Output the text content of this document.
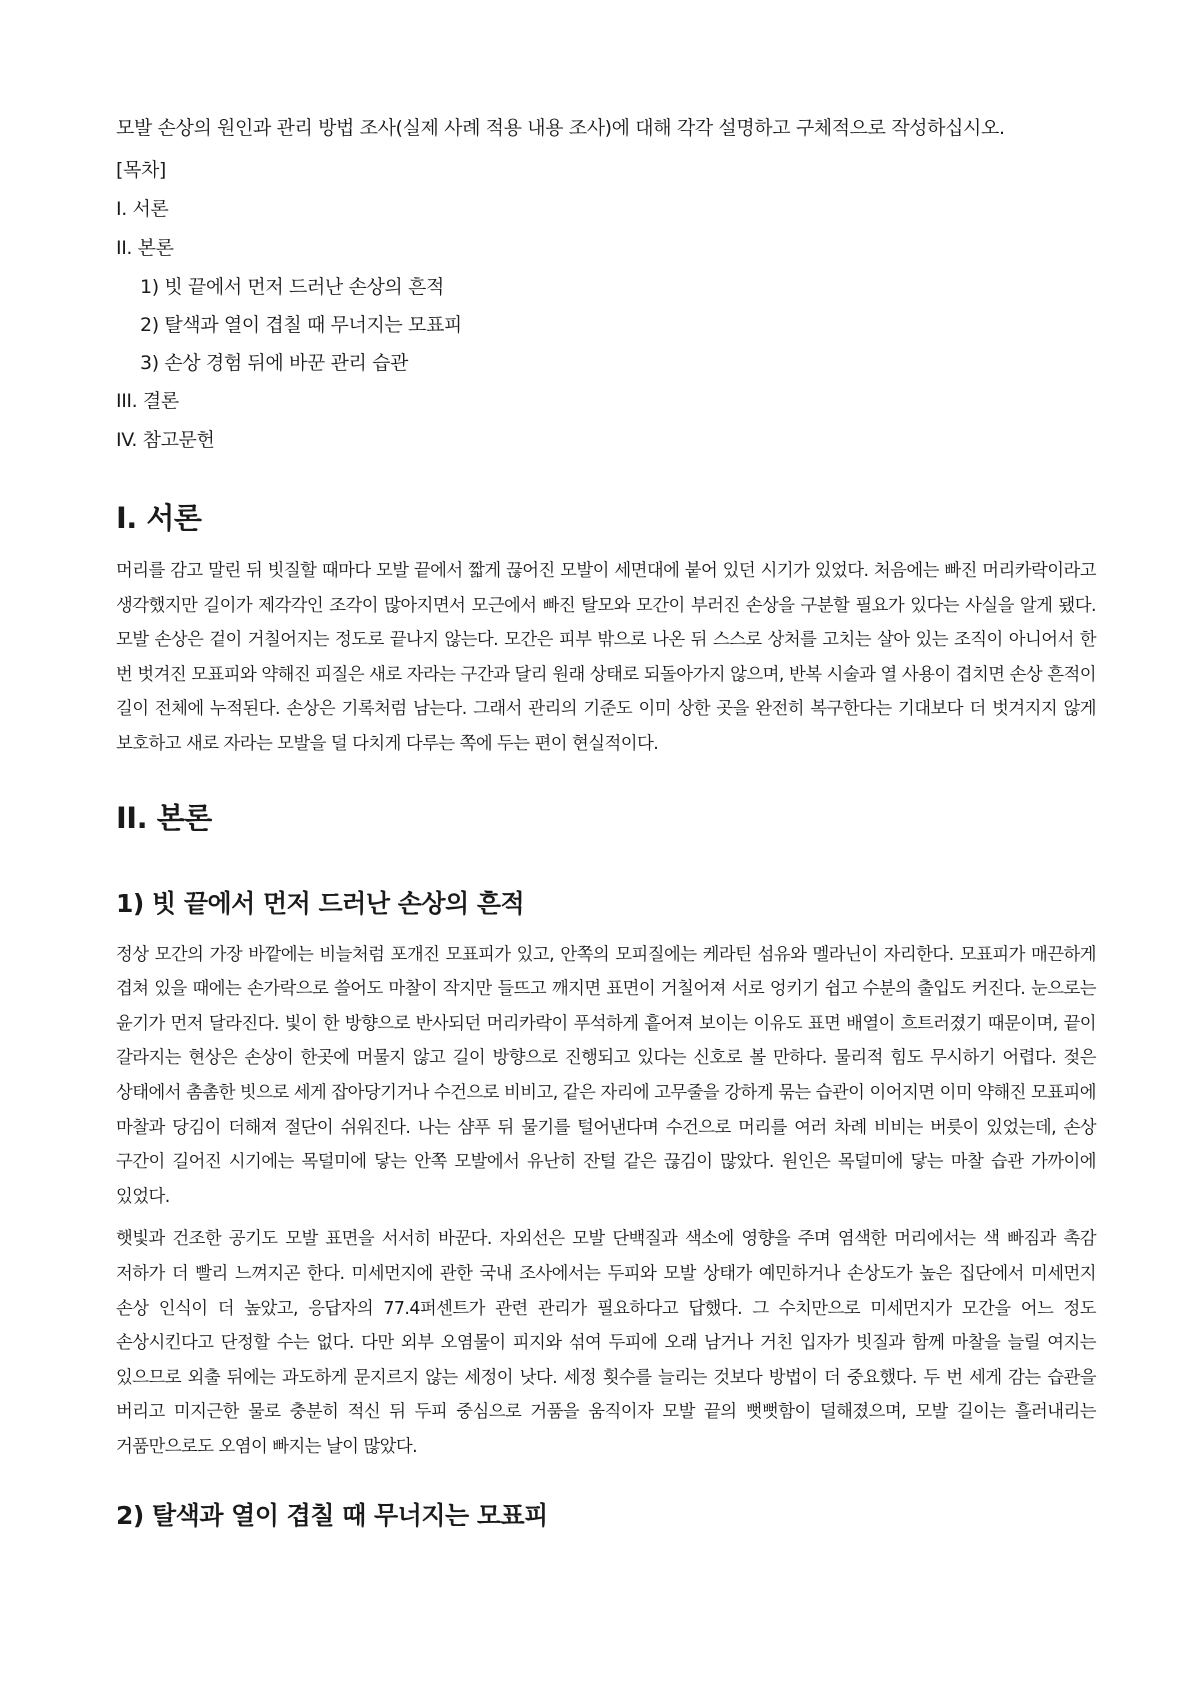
모발 손상의 원인과 관리 방법 조사(실제 사례 적용 내용 조사)에 대해 각각 설명하고 구체적으로 작성하십시오.

[목차]
I. 서론
II. 본론
1) 빗 끝에서 먼저 드러난 손상의 흔적
2) 탈색과 열이 겹칠 때 무너지는 모표피
3) 손상 경험 뒤에 바꾼 관리 습관
III. 결론
IV. 참고문헌
I. 서론

머리를 감고 말린 뒤 빗질할 때마다 모발 끝에서 짧게 끊어진 모발이 세면대에 붙어 있던 시기가 있었다. 처음에는 빠진 머리카락이라고 생각했지만 길이가 제각각인 조각이 많아지면서 모근에서 빠진 탈모와 모간이 부러진 손상을 구분할 필요가 있다는 사실을 알게 됐다. 모발 손상은 겉이 거칠어지는 정도로 끝나지 않는다. 모간은 피부 밖으로 나온 뒤 스스로 상처를 고치는 살아 있는 조직이 아니어서 한 번 벗겨진 모표피와 약해진 피질은 새로 자라는 구간과 달리 원래 상태로 되돌아가지 않으며, 반복 시술과 열 사용이 겹치면 손상 흔적이 길이 전체에 누적된다. 손상은 기록처럼 남는다. 그래서 관리의 기준도 이미 상한 곳을 완전히 복구한다는 기대보다 더 벗겨지지 않게 보호하고 새로 자라는 모발을 덜 다치게 다루는 쪽에 두는 편이 현실적이다.

II. 본론
1) 빗 끝에서 먼저 드러난 손상의 흔적

정상 모간의 가장 바깥에는 비늘처럼 포개진 모표피가 있고, 안쪽의 모피질에는 케라틴 섬유와 멜라닌이 자리한다. 모표피가 매끈하게 겹쳐 있을 때에는 손가락으로 쓸어도 마찰이 작지만 들뜨고 깨지면 표면이 거칠어져 서로 엉키기 쉽고 수분의 출입도 커진다. 눈으로는 윤기가 먼저 달라진다. 빛이 한 방향으로 반사되던 머리카락이 푸석하게 흩어져 보이는 이유도 표면 배열이 흐트러졌기 때문이며, 끝이 갈라지는 현상은 손상이 한곳에 머물지 않고 길이 방향으로 진행되고 있다는 신호로 볼 만하다. 물리적 힘도 무시하기 어렵다. 젖은 상태에서 촘촘한 빗으로 세게 잡아당기거나 수건으로 비비고, 같은 자리에 고무줄을 강하게 묶는 습관이 이어지면 이미 약해진 모표피에 마찰과 당김이 더해져 절단이 쉬워진다. 나는 샴푸 뒤 물기를 털어낸다며 수건으로 머리를 여러 차례 비비는 버릇이 있었는데, 손상 구간이 길어진 시기에는 목덜미에 닿는 안쪽 모발에서 유난히 잔털 같은 끊김이 많았다. 원인은 목덜미에 닿는 마찰 습관 가까이에 있었다.

햇빛과 건조한 공기도 모발 표면을 서서히 바꾼다. 자외선은 모발 단백질과 색소에 영향을 주며 염색한 머리에서는 색 빠짐과 촉감 저하가 더 빨리 느껴지곤 한다. 미세먼지에 관한 국내 조사에서는 두피와 모발 상태가 예민하거나 손상도가 높은 집단에서 미세먼지 손상 인식이 더 높았고, 응답자의 77.4퍼센트가 관련 관리가 필요하다고 답했다. 그 수치만으로 미세먼지가 모간을 어느 정도 손상시킨다고 단정할 수는 없다. 다만 외부 오염물이 피지와 섞여 두피에 오래 남거나 거친 입자가 빗질과 함께 마찰을 늘릴 여지는 있으므로 외출 뒤에는 과도하게 문지르지 않는 세정이 낫다. 세정 횟수를 늘리는 것보다 방법이 더 중요했다. 두 번 세게 감는 습관을 버리고 미지근한 물로 충분히 적신 뒤 두피 중심으로 거품을 움직이자 모발 끝의 뻣뻣함이 덜해졌으며, 모발 길이는 흘러내리는 거품만으로도 오염이 빠지는 날이 많았다.

2) 탈색과 열이 겹칠 때 무너지는 모표피
